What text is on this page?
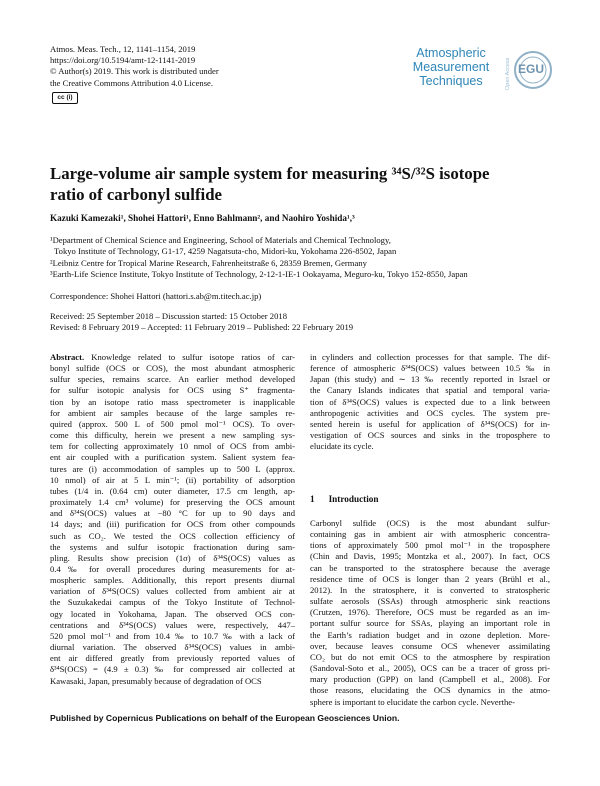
Atmos. Meas. Tech., 12, 1141–1154, 2019
https://doi.org/10.5194/amt-12-1141-2019
© Author(s) 2019. This work is distributed under
the Creative Commons Attribution 4.0 License.
cc (i)
Atmospheric
Measurement
Techniques	Open Access EGU
Large-volume air sample system for measuring ³⁴S/³²S isotope
ratio of carbonyl sulfide
Kazuki Kamezaki¹, Shohei Hattori¹, Enno Bahlmann², and Naohiro Yoshida¹,³
¹Department of Chemical Science and Engineering, School of Materials and Chemical Technology,
Tokyo Institute of Technology, G1-17, 4259 Nagatsuta-cho, Midori-ku, Yokohama 226-8502, Japan
²Leibniz Centre for Tropical Marine Research, Fahrenheitstraße 6, 28359 Bremen, Germany
³Earth-Life Science Institute, Tokyo Institute of Technology, 2-12-1-IE-1 Ookayama, Meguro-ku, Tokyo 152-8550, Japan
Correspondence: Shohei Hattori (hattori.s.ab@m.titech.ac.jp)
Received: 25 September 2018 – Discussion started: 15 October 2018
Revised: 8 February 2019 – Accepted: 11 February 2019 – Published: 22 February 2019
Abstract. Knowledge related to sulfur isotope ratios of car-
bonyl sulfide (OCS or COS), the most abundant atmospheric
sulfur species, remains scarce. An earlier method developed
for sulfur isotopic analysis for OCS using S⁺ fragmenta-
tion by an isotope ratio mass spectrometer is inapplicable
for ambient air samples because of the large samples re-
quired (approx. 500 L of 500 pmol mol⁻¹ OCS). To over-
come this difficulty, herein we present a new sampling sys-
tem for collecting approximately 10 nmol of OCS from ambi-
ent air coupled with a purification system. Salient system fea-
tures are (i) accommodation of samples up to 500 L (approx.
10 nmol) of air at 5 L min⁻¹; (ii) portability of adsorption
tubes (1/4 in. (0.64 cm) outer diameter, 17.5 cm length, ap-
proximately 1.4 cm³ volume) for preserving the OCS amount
and δ³⁴S(OCS) values at −80 °C for up to 90 days and
14 days; and (iii) purification for OCS from other compounds
such as CO₂. We tested the OCS collection efficiency of
the systems and sulfur isotopic fractionation during sam-
pling. Results show precision (1σ) of δ³⁴S(OCS) values as
0.4 ‰ for overall procedures during measurements for at-
mospheric samples. Additionally, this report presents diurnal
variation of δ³⁴S(OCS) values collected from ambient air at
the Suzukakedai campus of the Tokyo Institute of Technol-
ogy located in Yokohama, Japan. The observed OCS con-
centrations and δ³⁴S(OCS) values were, respectively, 447–
520 pmol mol⁻¹ and from 10.4 ‰ to 10.7 ‰ with a lack of
diurnal variation. The observed δ³⁴S(OCS) values in ambi-
ent air differed greatly from previously reported values of
δ³⁴S(OCS) = (4.9 ± 0.3) ‰ for compressed air collected at
Kawasaki, Japan, presumably because of degradation of OCS
in cylinders and collection processes for that sample. The dif-
ference of atmospheric δ³⁴S(OCS) values between 10.5 ‰ in
Japan (this study) and ∼ 13 ‰ recently reported in Israel or
the Canary Islands indicates that spatial and temporal varia-
tion of δ³⁴S(OCS) values is expected due to a link between
anthropogenic activities and OCS cycles. The system pre-
sented herein is useful for application of δ³⁴S(OCS) for in-
vestigation of OCS sources and sinks in the troposphere to
elucidate its cycle.
1 Introduction
Carbonyl sulfide (OCS) is the most abundant sulfur-
containing gas in ambient air with atmospheric concentra-
tions of approximately 500 pmol mol⁻¹ in the troposphere
(Chin and Davis, 1995; Montzka et al., 2007). In fact, OCS
can be transported to the stratosphere because the average
residence time of OCS is longer than 2 years (Brühl et al.,
2012). In the stratosphere, it is converted to stratospheric
sulfate aerosols (SSAs) through atmospheric sink reactions
(Crutzen, 1976). Therefore, OCS must be regarded as an im-
portant sulfur source for SSAs, playing an important role in
the Earth’s radiation budget and in ozone depletion. More-
over, because leaves consume OCS whenever assimilating
CO₂ but do not emit OCS to the atmosphere by respiration
(Sandoval-Soto et al., 2005), OCS can be a tracer of gross pri-
mary production (GPP) on land (Campbell et al., 2008). For
those reasons, elucidating the OCS dynamics in the atmo-
sphere is important to elucidate the carbon cycle. Neverthe-
Published by Copernicus Publications on behalf of the European Geosciences Union.
